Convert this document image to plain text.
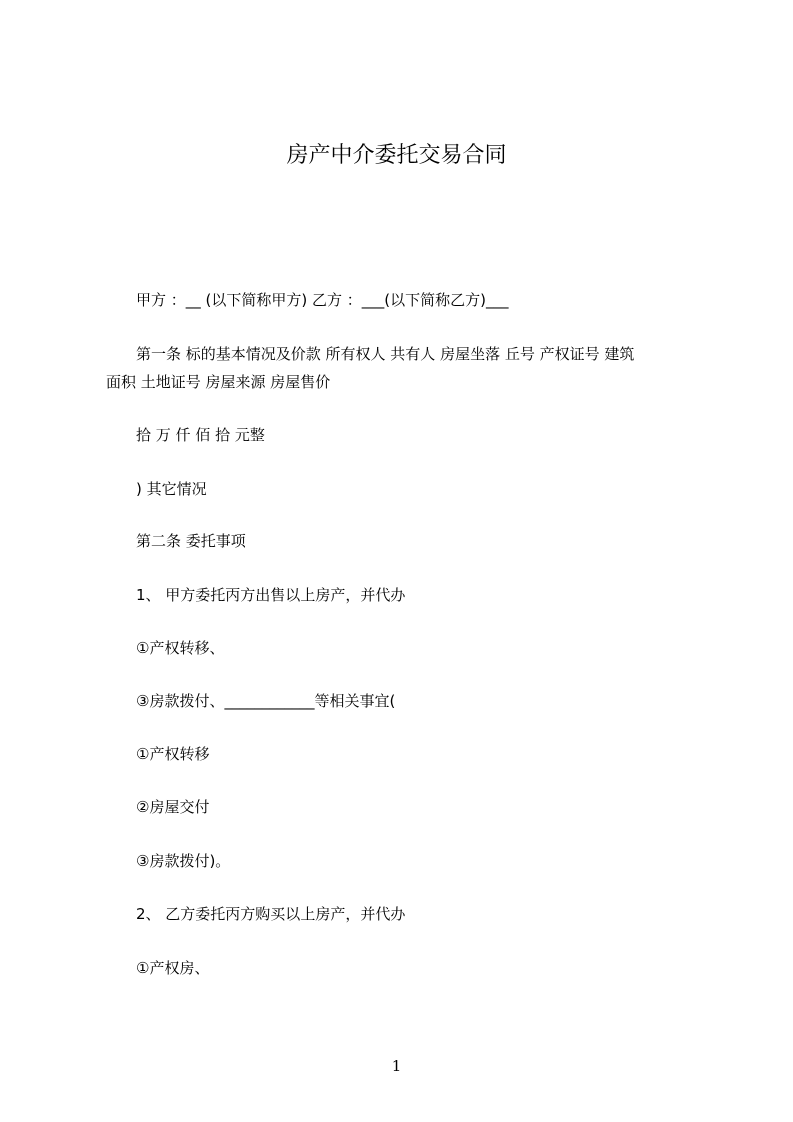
房产中介委托交易合同
甲方 ：__ (以下简称甲方) 乙方 ：___(以下简称乙方)___
第一条 标的基本情况及价款 所有权人 共有人 房屋坐落 丘号 产权证号 建筑
面积 土地证号 房屋来源 房屋售价
拾 万 仟 佰 拾 元整
) 其它情况
第二条 委托事项
1、 甲方委托丙方出售以上房产，并代办
①产权转移、
③房款拨付、____________等相关事宜(
①产权转移
②房屋交付
③房款拨付)。
2、 乙方委托丙方购买以上房产，并代办
①产权房、
1
